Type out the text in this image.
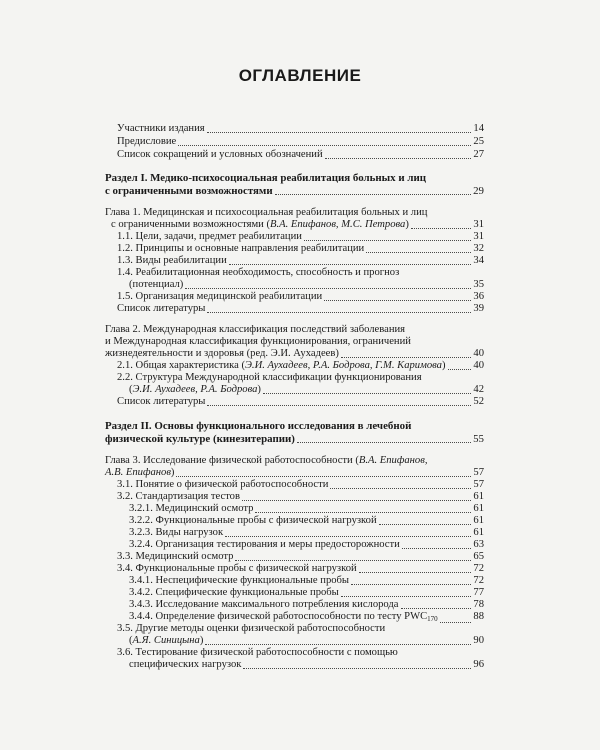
ОГЛАВЛЕНИЕ
Участники издания	14
Предисловие	25
Список сокращений и условных обозначений	27
Раздел I. Медико-психосоциальная реабилитация больных и лиц
с ограниченными возможностями	29
Глава 1. Медицинская и психосоциальная реабилитация больных и лиц
с ограниченными возможностями (В.А. Епифанов, М.С. Петрова)	31
1.1. Цели, задачи, предмет реабилитации	31
1.2. Принципы и основные направления реабилитации	32
1.3. Виды реабилитации	34
1.4. Реабилитационная необходимость, способность и прогноз
(потенциал)	35
1.5. Организация медицинской реабилитации	36
Список литературы	39
Глава 2. Международная классификация последствий заболевания
и Международная классификация функционирования, ограничений
жизнедеятельности и здоровья (ред. Э.И. Аухадеев)	40
2.1. Общая характеристика (Э.И. Аухадеев, Р.А. Бодрова, Г.М. Каримова)	40
2.2. Структура Международной классификации функционирования
(Э.И. Аухадеев, Р.А. Бодрова)	42
Список литературы	52
Раздел II. Основы функционального исследования в лечебной
физической культуре (кинезитерапии)	55
Глава 3. Исследование физической работоспособности (В.А. Епифанов,
А.В. Епифанов)	57
3.1. Понятие о физической работоспособности	57
3.2. Стандартизация тестов	61
3.2.1. Медицинский осмотр	61
3.2.2. Функциональные пробы с физической нагрузкой	61
3.2.3. Виды нагрузок	61
3.2.4. Организация тестирования и меры предосторожности	63
3.3. Медицинский осмотр	65
3.4. Функциональные пробы с физической нагрузкой	72
3.4.1. Неспецифические функциональные пробы	72
3.4.2. Специфические функциональные пробы	77
3.4.3. Исследование максимального потребления кислорода	78
3.4.4. Определение физической работоспособности по тесту $PWC_{170}$	88
3.5. Другие методы оценки физической работоспособности
(А.Я. Синицына)	90
3.6. Тестирование физической работоспособности с помощью
специфических нагрузок	96
